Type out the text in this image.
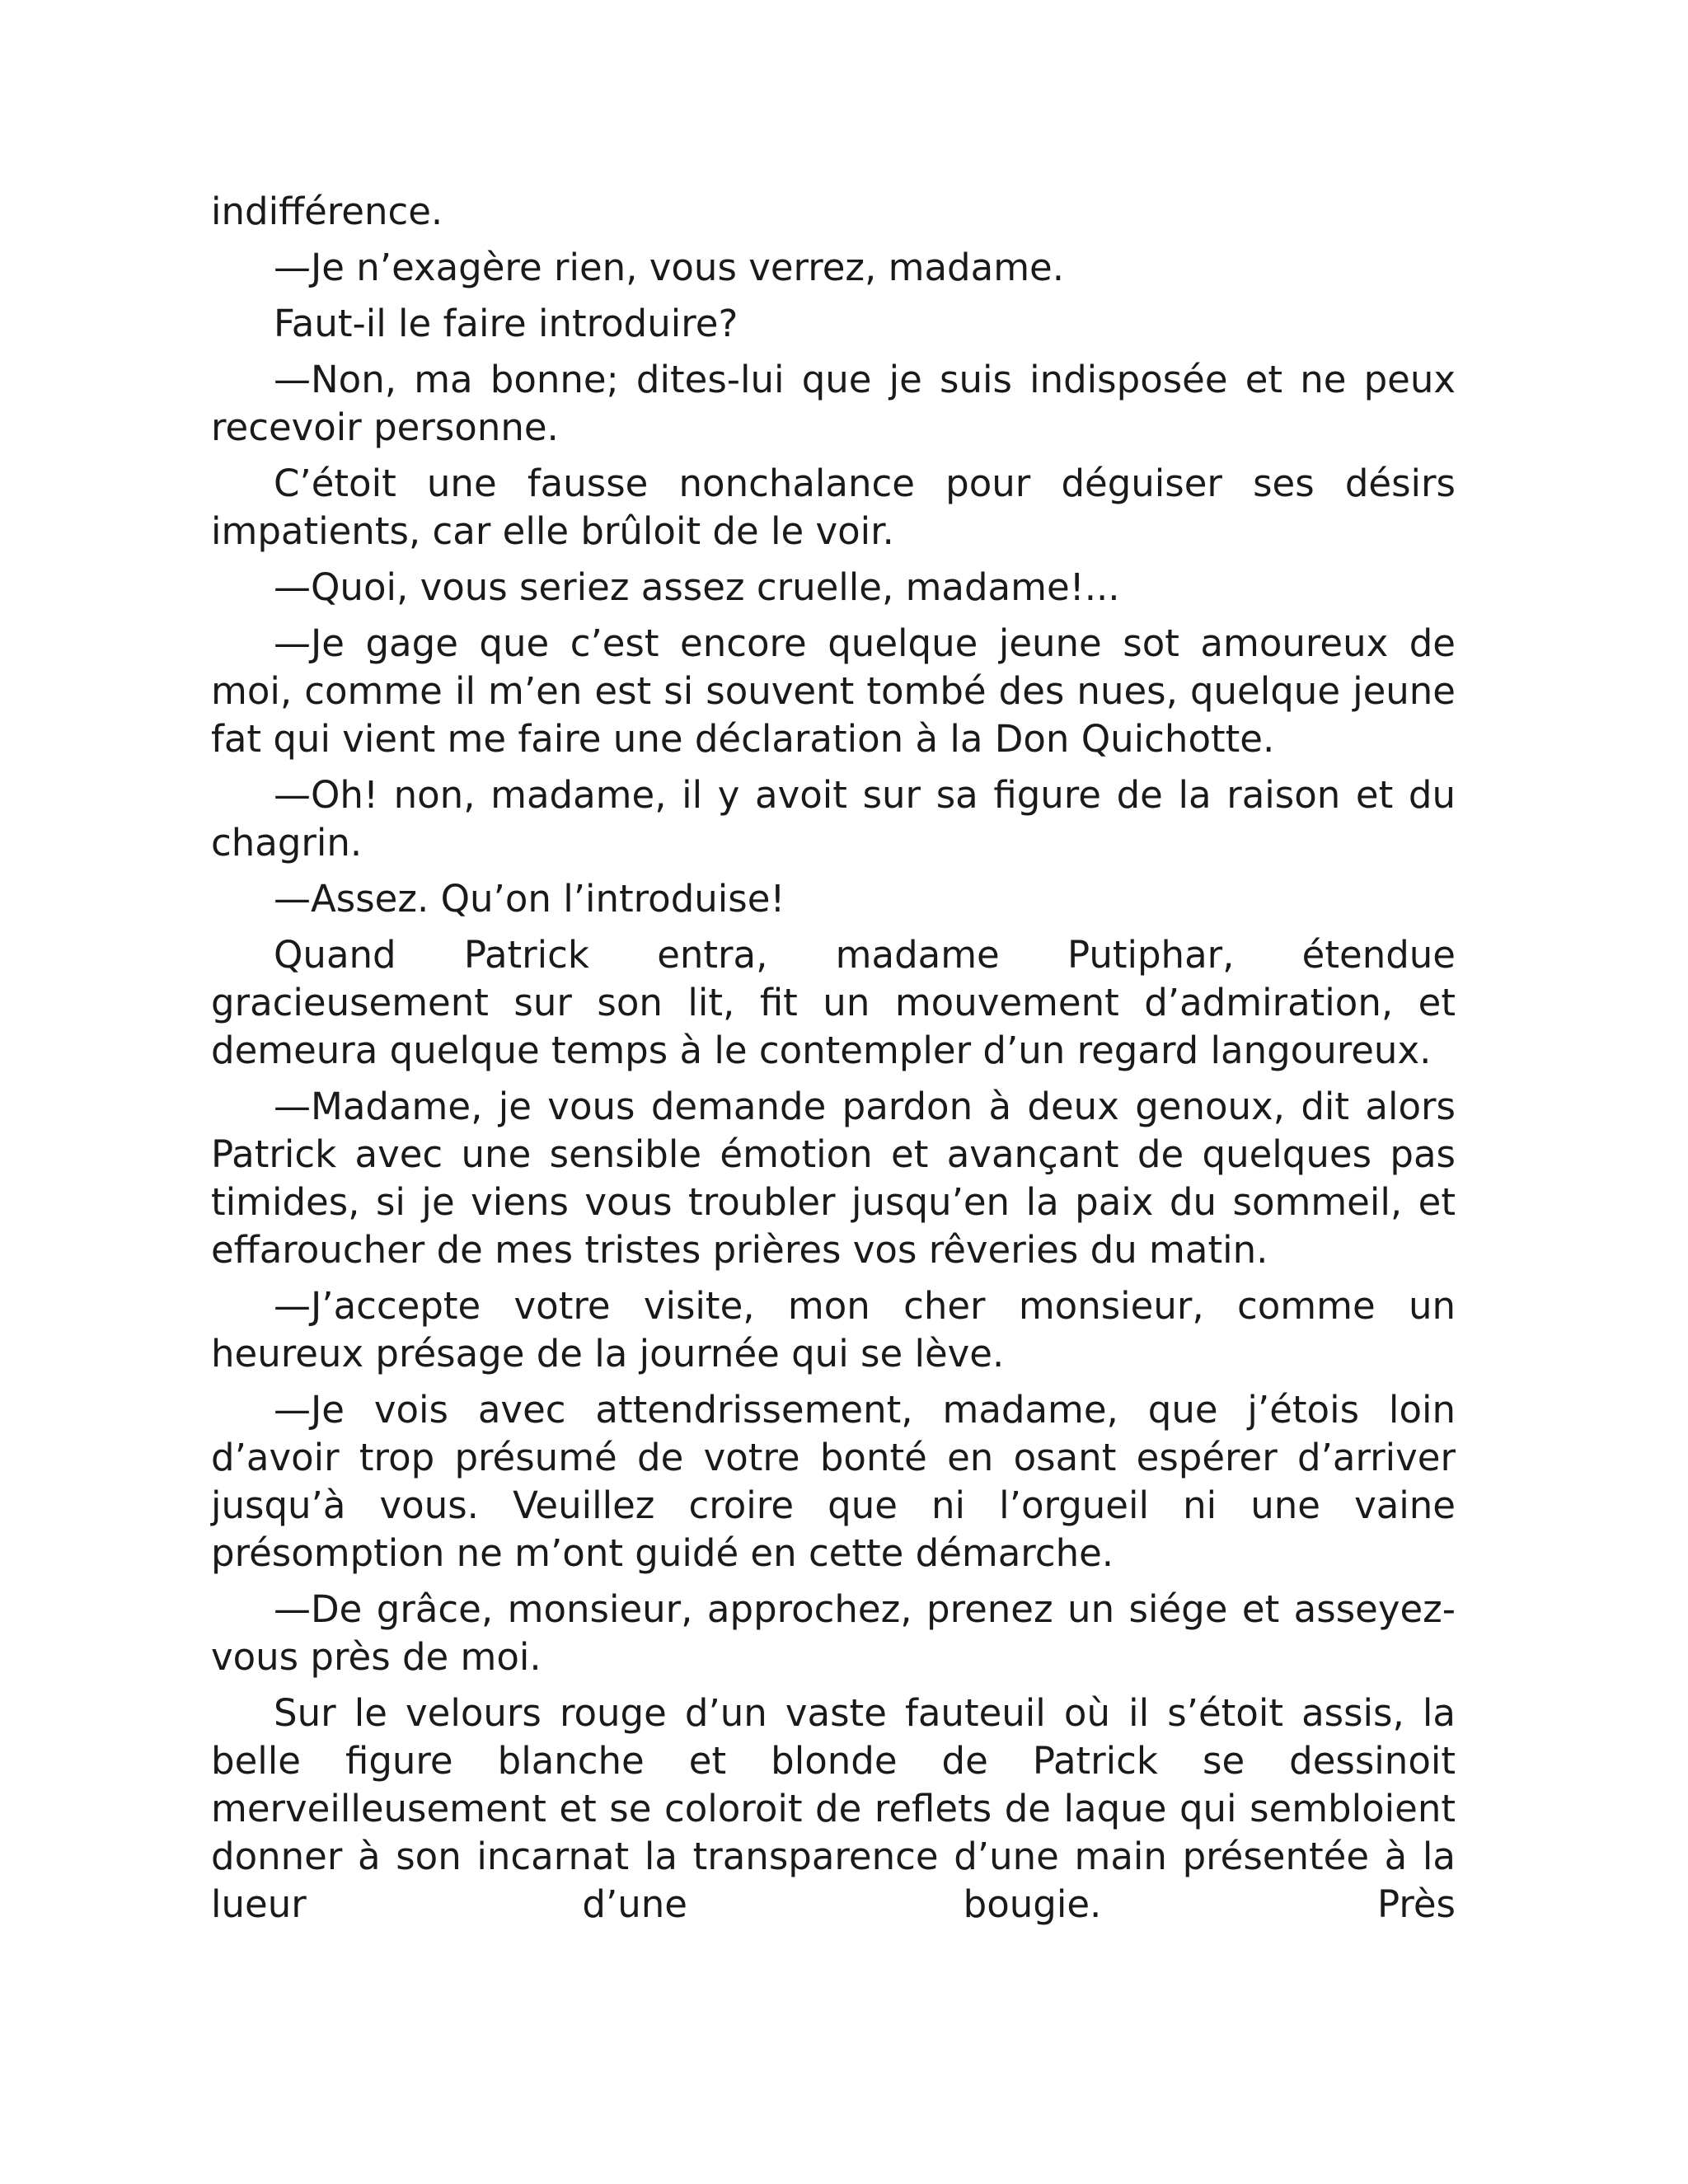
indifférence.

—Je n’exagère rien, vous verrez, madame.

Faut-il le faire introduire?

—Non, ma bonne; dites-lui que je suis indisposée et ne peux recevoir personne.

C’étoit une fausse nonchalance pour déguiser ses désirs impatients, car elle brûloit de le voir.

—Quoi, vous seriez assez cruelle, madame!...

—Je gage que c’est encore quelque jeune sot amoureux de moi, comme il m’en est si souvent tombé des nues, quelque jeune fat qui vient me faire une déclaration à la Don Quichotte.

—Oh! non, madame, il y avoit sur sa figure de la raison et du chagrin.

—Assez. Qu’on l’introduise!

Quand Patrick entra, madame Putiphar, étendue gracieusement sur son lit, fit un mouvement d’admiration, et demeura quelque temps à le contempler d’un regard langoureux.

—Madame, je vous demande pardon à deux genoux, dit alors Patrick avec une sensible émotion et avançant de quelques pas timides, si je viens vous troubler jusqu’en la paix du sommeil, et effaroucher de mes tristes prières vos rêveries du matin.

—J’accepte votre visite, mon cher monsieur, comme un heureux présage de la journée qui se lève.

—Je vois avec attendrissement, madame, que j’étois loin d’avoir trop présumé de votre bonté en osant espérer d’arriver jusqu’à vous. Veuillez croire que ni l’orgueil ni une vaine présomption ne m’ont guidé en cette démarche.

—De grâce, monsieur, approchez, prenez un siége et asseyez-vous près de moi.

Sur le velours rouge d’un vaste fauteuil où il s’étoit assis, la belle figure blanche et blonde de Patrick se dessinoit merveilleusement et se coloroit de reflets de laque qui sembloient donner à son incarnat la transparence d’une main présentée à la lueur d’une bougie. Près
